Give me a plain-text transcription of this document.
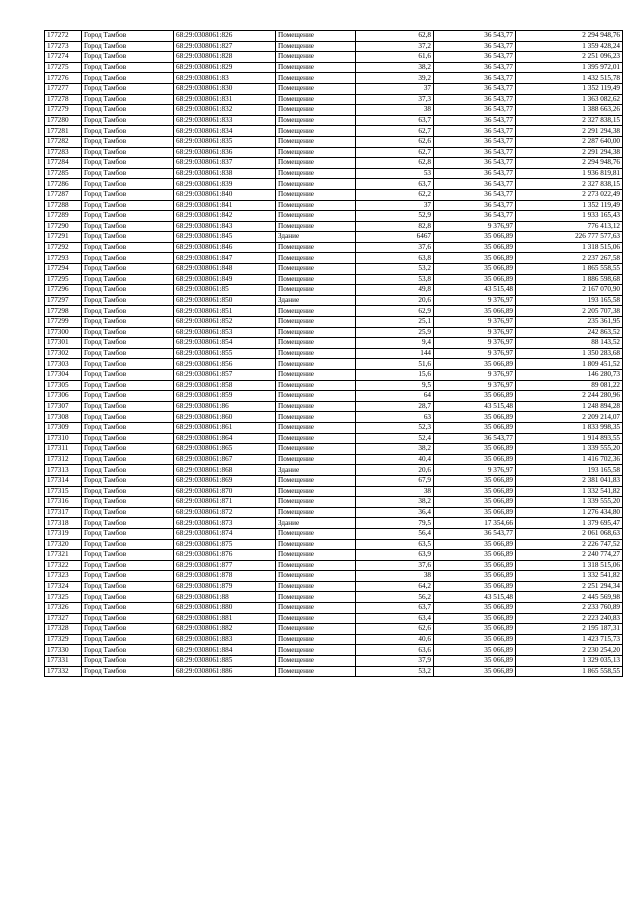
177272	Город Тамбов	68:29:0308061:826	Помещение	62,8	36 543,77	2 294 948,76
177273	Город Тамбов	68:29:0308061:827	Помещение	37,2	36 543,77	1 359 428,24
177274	Город Тамбов	68:29:0308061:828	Помещение	61,6	36 543,77	2 251 096,23
177275	Город Тамбов	68:29:0308061:829	Помещение	38,2	36 543,77	1 395 972,01
177276	Город Тамбов	68:29:0308061:83	Помещение	39,2	36 543,77	1 432 515,78
177277	Город Тамбов	68:29:0308061:830	Помещение	37	36 543,77	1 352 119,49
177278	Город Тамбов	68:29:0308061:831	Помещение	37,3	36 543,77	1 363 082,62
177279	Город Тамбов	68:29:0308061:832	Помещение	38	36 543,77	1 388 663,26
177280	Город Тамбов	68:29:0308061:833	Помещение	63,7	36 543,77	2 327 838,15
177281	Город Тамбов	68:29:0308061:834	Помещение	62,7	36 543,77	2 291 294,38
177282	Город Тамбов	68:29:0308061:835	Помещение	62,6	36 543,77	2 287 640,00
177283	Город Тамбов	68:29:0308061:836	Помещение	62,7	36 543,77	2 291 294,38
177284	Город Тамбов	68:29:0308061:837	Помещение	62,8	36 543,77	2 294 948,76
177285	Город Тамбов	68:29:0308061:838	Помещение	53	36 543,77	1 936 819,81
177286	Город Тамбов	68:29:0308061:839	Помещение	63,7	36 543,77	2 327 838,15
177287	Город Тамбов	68:29:0308061:840	Помещение	62,2	36 543,77	2 273 022,49
177288	Город Тамбов	68:29:0308061:841	Помещение	37	36 543,77	1 352 119,49
177289	Город Тамбов	68:29:0308061:842	Помещение	52,9	36 543,77	1 933 165,43
177290	Город Тамбов	68:29:0308061:843	Помещение	82,8	9 376,97	776 413,12
177291	Город Тамбов	68:29:0308061:845	Здание	6467	35 066,89	226 777 577,63
177292	Город Тамбов	68:29:0308061:846	Помещение	37,6	35 066,89	1 318 515,06
177293	Город Тамбов	68:29:0308061:847	Помещение	63,8	35 066,89	2 237 267,58
177294	Город Тамбов	68:29:0308061:848	Помещение	53,2	35 066,89	1 865 558,55
177295	Город Тамбов	68:29:0308061:849	Помещение	53,8	35 066,89	1 886 598,68
177296	Город Тамбов	68:29:0308061:85	Помещение	49,8	43 515,48	2 167 070,90
177297	Город Тамбов	68:29:0308061:850	Здание	20,6	9 376,97	193 165,58
177298	Город Тамбов	68:29:0308061:851	Помещение	62,9	35 066,89	2 205 707,38
177299	Город Тамбов	68:29:0308061:852	Помещение	25,1	9 376,97	235 361,95
177300	Город Тамбов	68:29:0308061:853	Помещение	25,9	9 376,97	242 863,52
177301	Город Тамбов	68:29:0308061:854	Помещение	9,4	9 376,97	88 143,52
177302	Город Тамбов	68:29:0308061:855	Помещение	144	9 376,97	1 350 283,68
177303	Город Тамбов	68:29:0308061:856	Помещение	51,6	35 066,89	1 809 451,52
177304	Город Тамбов	68:29:0308061:857	Помещение	15,6	9 376,97	146 280,73
177305	Город Тамбов	68:29:0308061:858	Помещение	9,5	9 376,97	89 081,22
177306	Город Тамбов	68:29:0308061:859	Помещение	64	35 066,89	2 244 280,96
177307	Город Тамбов	68:29:0308061:86	Помещение	28,7	43 515,48	1 248 894,28
177308	Город Тамбов	68:29:0308061:860	Помещение	63	35 066,89	2 209 214,07
177309	Город Тамбов	68:29:0308061:861	Помещение	52,3	35 066,89	1 833 998,35
177310	Город Тамбов	68:29:0308061:864	Помещение	52,4	36 543,77	1 914 893,55
177311	Город Тамбов	68:29:0308061:865	Помещение	38,2	35 066,89	1 339 555,20
177312	Город Тамбов	68:29:0308061:867	Помещение	40,4	35 066,89	1 416 702,36
177313	Город Тамбов	68:29:0308061:868	Здание	20,6	9 376,97	193 165,58
177314	Город Тамбов	68:29:0308061:869	Помещение	67,9	35 066,89	2 381 041,83
177315	Город Тамбов	68:29:0308061:870	Помещение	38	35 066,89	1 332 541,82
177316	Город Тамбов	68:29:0308061:871	Помещение	38,2	35 066,89	1 339 555,20
177317	Город Тамбов	68:29:0308061:872	Помещение	36,4	35 066,89	1 276 434,80
177318	Город Тамбов	68:29:0308061:873	Здание	79,5	17 354,66	1 379 695,47
177319	Город Тамбов	68:29:0308061:874	Помещение	56,4	36 543,77	2 061 068,63
177320	Город Тамбов	68:29:0308061:875	Помещение	63,5	35 066,89	2 226 747,52
177321	Город Тамбов	68:29:0308061:876	Помещение	63,9	35 066,89	2 240 774,27
177322	Город Тамбов	68:29:0308061:877	Помещение	37,6	35 066,89	1 318 515,06
177323	Город Тамбов	68:29:0308061:878	Помещение	38	35 066,89	1 332 541,82
177324	Город Тамбов	68:29:0308061:879	Помещение	64,2	35 066,89	2 251 294,34
177325	Город Тамбов	68:29:0308061:88	Помещение	56,2	43 515,48	2 445 569,98
177326	Город Тамбов	68:29:0308061:880	Помещение	63,7	35 066,89	2 233 760,89
177327	Город Тамбов	68:29:0308061:881	Помещение	63,4	35 066,89	2 223 240,83
177328	Город Тамбов	68:29:0308061:882	Помещение	62,6	35 066,89	2 195 187,31
177329	Город Тамбов	68:29:0308061:883	Помещение	40,6	35 066,89	1 423 715,73
177330	Город Тамбов	68:29:0308061:884	Помещение	63,6	35 066,89	2 230 254,20
177331	Город Тамбов	68:29:0308061:885	Помещение	37,9	35 066,89	1 329 035,13
177332	Город Тамбов	68:29:0308061:886	Помещение	53,2	35 066,89	1 865 558,55
